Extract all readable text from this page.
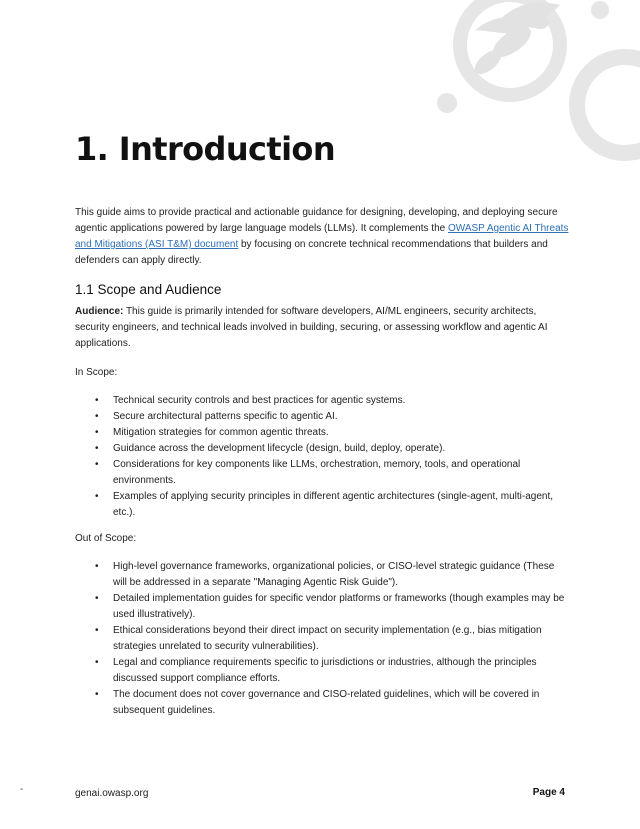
1. Introduction

This guide aims to provide practical and actionable guidance for designing, developing, and deploying secure agentic applications powered by large language models (LLMs). It complements the OWASP Agentic AI Threats and Mitigations (ASI T&M) document by focusing on concrete technical recommendations that builders and defenders can apply directly.

1.1 Scope and Audience

Audience: This guide is primarily intended for software developers, AI/ML engineers, security architects, security engineers, and technical leads involved in building, securing, or assessing workflow and agentic AI applications.

In Scope:

• Technical security controls and best practices for agentic systems.
• Secure architectural patterns specific to agentic AI.
• Mitigation strategies for common agentic threats.
• Guidance across the development lifecycle (design, build, deploy, operate).
• Considerations for key components like LLMs, orchestration, memory, tools, and operational environments.
• Examples of applying security principles in different agentic architectures (single-agent, multi-agent, etc.).

Out of Scope:

• High-level governance frameworks, organizational policies, or CISO-level strategic guidance (These will be addressed in a separate "Managing Agentic Risk Guide").
• Detailed implementation guides for specific vendor platforms or frameworks (though examples may be used illustratively).
• Ethical considerations beyond their direct impact on security implementation (e.g., bias mitigation strategies unrelated to security vulnerabilities).
• Legal and compliance requirements specific to jurisdictions or industries, although the principles discussed support compliance efforts.
• The document does not cover governance and CISO-related guidelines, which will be covered in subsequent guidelines.
-	genai.owasp.org	Page 4
